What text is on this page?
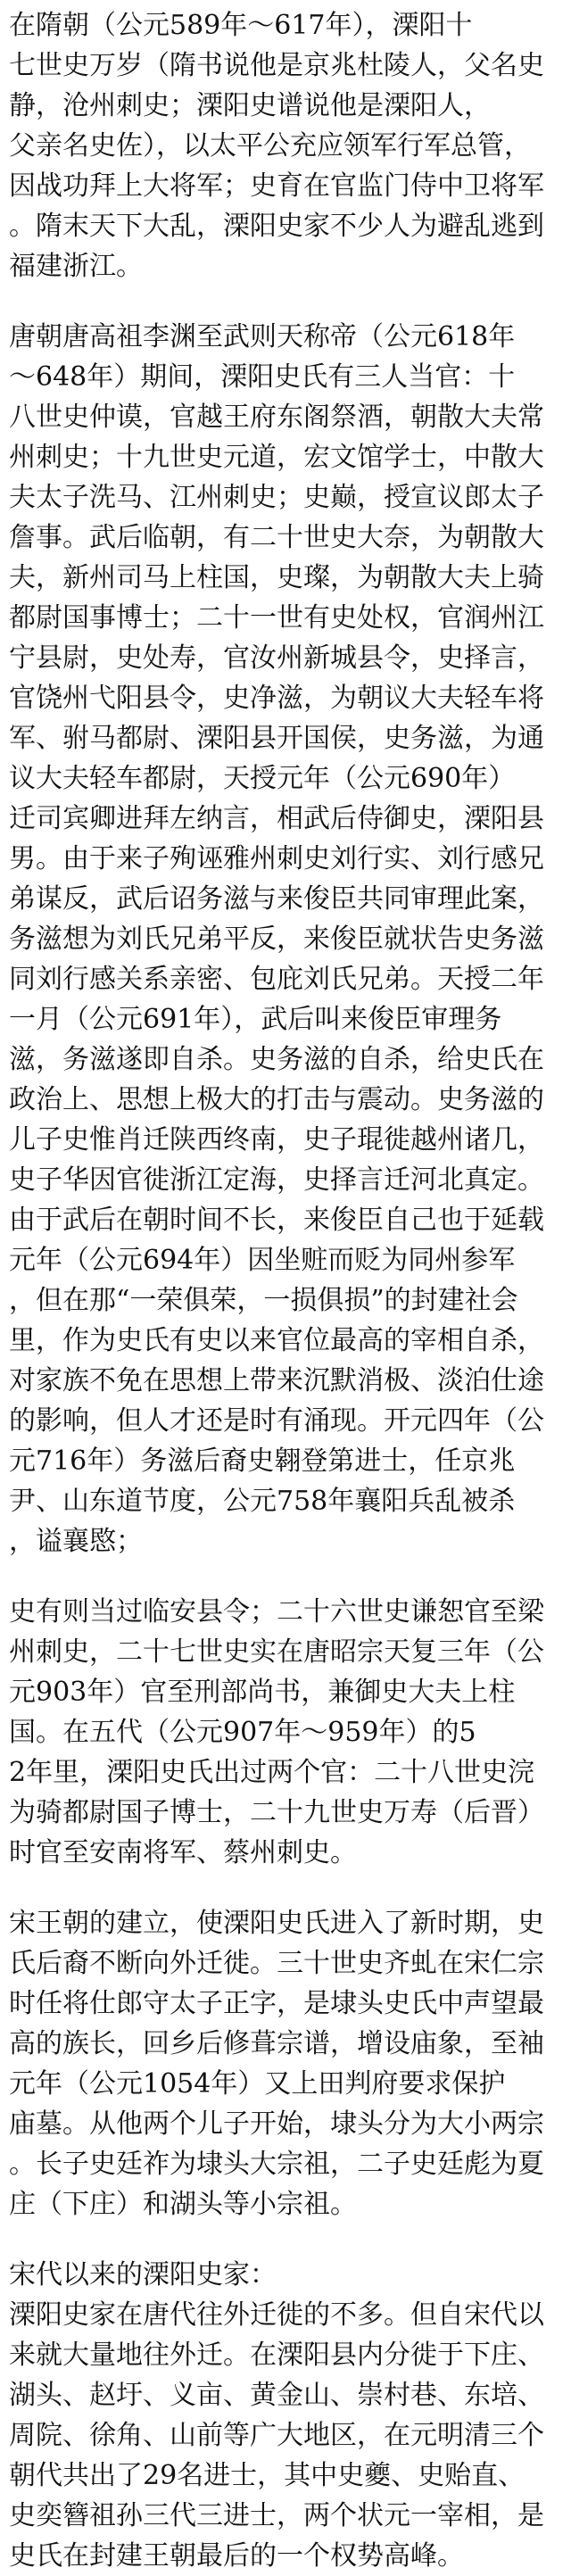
在隋朝（公元589年～617年），溧阳十
七世史万岁（隋书说他是京兆杜陵人，父名史
静，沧州刺史；溧阳史谱说他是溧阳人，
父亲名史佐），以太平公充应领军行军总管，
因战功拜上大将军；史育在官监门侍中卫将军
。隋末天下大乱，溧阳史家不少人为避乱逃到
福建浙江。
唐朝唐高祖李渊至武则天称帝（公元618年
～648年）期间，溧阳史氏有三人当官：十
八世史仲谟，官越王府东阁祭酒，朝散大夫常
州刺史；十九世史元道，宏文馆学士，中散大
夫太子洗马、江州刺史；史巅，授宣议郎太子
詹事。武后临朝，有二十世史大奈，为朝散大
夫，新州司马上柱国，史璨，为朝散大夫上骑
都尉国事博士；二十一世有史处权，官润州江
宁县尉，史处寿，官汝州新城县令，史择言，
官饶州弋阳县令，史净滋，为朝议大夫轻车将
军、驸马都尉、溧阳县开国侯，史务滋，为通
议大夫轻车都尉，天授元年（公元690年）
迁司宾卿进拜左纳言，相武后侍御史，溧阳县
男。由于来子殉诬雅州刺史刘行实、刘行感兄
弟谋反，武后诏务滋与来俊臣共同审理此案，
务滋想为刘氏兄弟平反，来俊臣就状告史务滋
同刘行感关系亲密、包庇刘氏兄弟。天授二年
一月（公元691年），武后叫来俊臣审理务
滋，务滋遂即自杀。史务滋的自杀，给史氏在
政治上、思想上极大的打击与震动。史务滋的
儿子史惟肖迁陕西终南，史子琨徙越州诸几，
史子华因官徙浙江定海，史择言迁河北真定。
由于武后在朝时间不长，来俊臣自己也于延载
元年（公元694年）因坐赃而贬为同州参军
，但在那“一荣俱荣，一损俱损”的封建社会
里，作为史氏有史以来官位最高的宰相自杀，
对家族不免在思想上带来沉默消极、淡泊仕途
的影响，但人才还是时有涌现。开元四年（公
元716年）务滋后裔史翱登第进士，任京兆
尹、山东道节度，公元758年襄阳兵乱被杀
，谥襄愍；
史有则当过临安县令；二十六世史谦恕官至梁
州刺史，二十七世史实在唐昭宗天复三年（公
元903年）官至刑部尚书，兼御史大夫上柱
国。在五代（公元907年～959年）的5
2年里，溧阳史氏出过两个官：二十八世史浣
为骑都尉国子博士，二十九世史万寿（后晋）
时官至安南将军、蔡州刺史。
宋王朝的建立，使溧阳史氏进入了新时期，史
氏后裔不断向外迁徙。三十世史齐虬在宋仁宗
时任将仕郎守太子正字，是埭头史氏中声望最
高的族长，回乡后修葺宗谱，增设庙象，至袖
元年（公元1054年）又上田判府要求保护
庙墓。从他两个儿子开始，埭头分为大小两宗
。长子史廷祚为埭头大宗祖，二子史廷彪为夏
庄（下庄）和湖头等小宗祖。
宋代以来的溧阳史家：
溧阳史家在唐代往外迁徙的不多。但自宋代以
来就大量地往外迁。在溧阳县内分徙于下庄、
湖头、赵圩、义亩、黄金山、崇村巷、东培、
周院、徐角、山前等广大地区，在元明清三个
朝代共出了29名进士，其中史夔、史贻直、
史奕簪祖孙三代三进士，两个状元一宰相，是
史氏在封建王朝最后的一个权势高峰。
